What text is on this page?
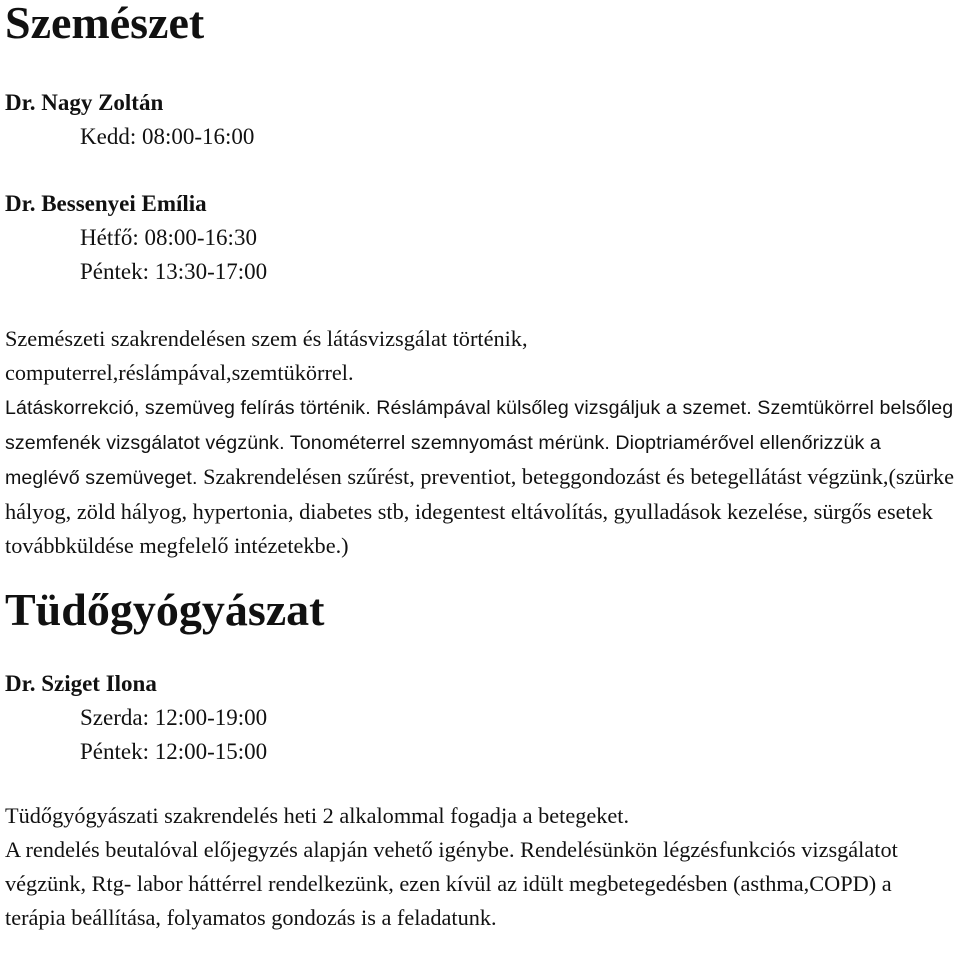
Szemészet

Dr. Nagy Zoltán

Kedd: 08:00-16:00

Dr. Bessenyei Emília

Hétfő: 08:00-16:30

Péntek: 13:30-17:00

Szemészeti szakrendelésen szem és látásvizsgálat történik,

computerrel,réslámpával,szemtükörrel.

Látáskorrekció, szemüveg felírás történik. Réslámpával külsőleg vizsgáljuk a szemet. Szemtükörrel belsőleg szemfenék vizsgálatot végzünk. Tonométerrel szemnyomást mérünk. Dioptriamérővel ellenőrizzük a meglévő szemüveget. Szakrendelésen szűrést, preventiot, beteggondozást és betegellátást végzünk,(szürke hályog, zöld hályog, hypertonia, diabetes stb, idegentest eltávolítás, gyulladások kezelése, sürgős esetek továbbküldése megfelelő intézetekbe.)

Tüdőgyógyászat

Dr. Sziget Ilona

Szerda: 12:00-19:00

Péntek: 12:00-15:00

Tüdőgyógyászati szakrendelés heti 2 alkalommal fogadja a betegeket.

A rendelés beutalóval előjegyzés alapján vehető igénybe. Rendelésünkön légzésfunkciós vizsgálatot végzünk, Rtg- labor háttérrel rendelkezünk, ezen kívül az idült megbetegedésben (asthma,COPD) a terápia beállítása, folyamatos gondozás is a feladatunk.
